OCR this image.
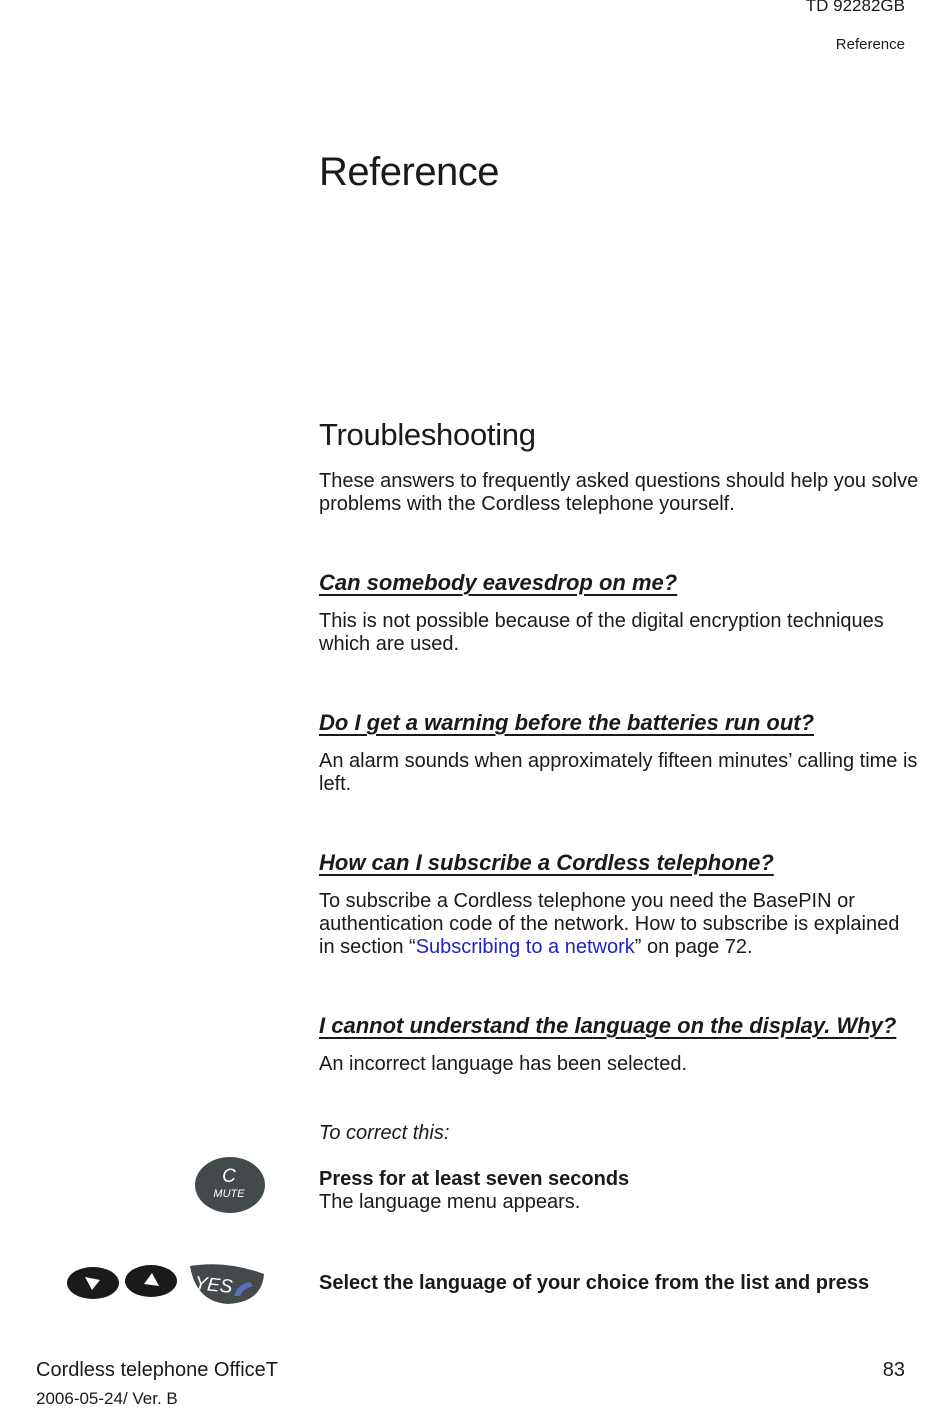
TD 92282GB
Reference
Reference
Troubleshooting

These answers to frequently asked questions should help you solve problems with the Cordless telephone yourself.

Can somebody eavesdrop on me?

This is not possible because of the digital encryption techniques which are used.

Do I get a warning before the batteries run out?

An alarm sounds when approximately fifteen minutes’ calling time is left.

How can I subscribe a Cordless telephone?

To subscribe a Cordless telephone you need the BasePIN or authentication code of the network. How to subscribe is explained in section “Subscribing to a network” on page 72.

I cannot understand the language on the display. Why?

An incorrect language has been selected.

To correct this:

C
MUTE

Press for at least seven seconds
The language menu appears.

YES	Select the language of your choice from the list and press

Cordless telephone OfficeT
2006-05-24/ Ver. B
83
